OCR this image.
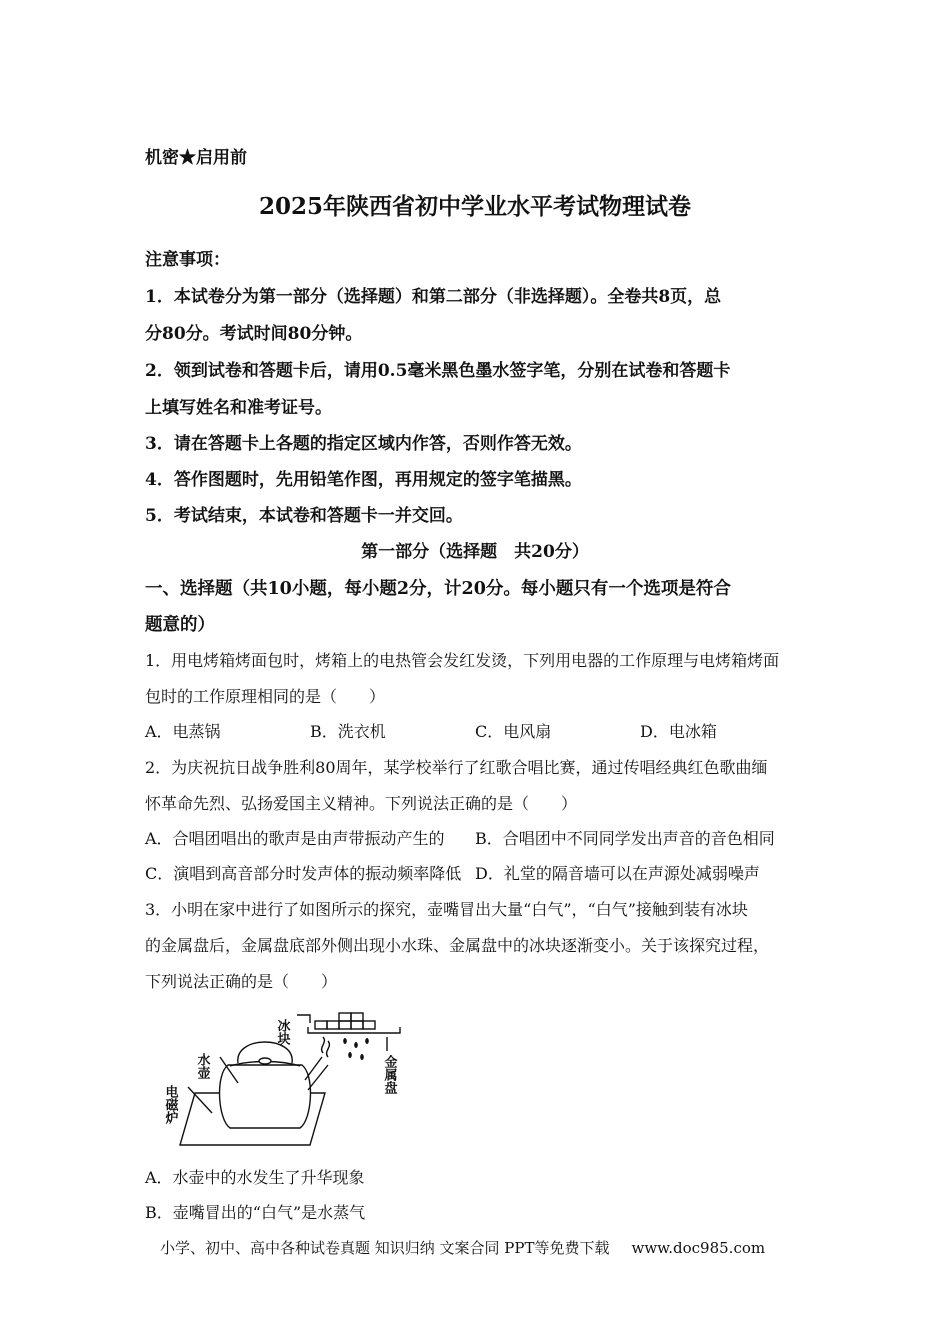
机密★启用前
2025年陕西省初中学业水平考试物理试卷
注意事项：
1．本试卷分为第一部分（选择题）和第二部分（非选择题）。全卷共8页，总
分80分。考试时间80分钟。
2．领到试卷和答题卡后，请用0.5毫米黑色墨水签字笔，分别在试卷和答题卡
上填写姓名和准考证号。
3．请在答题卡上各题的指定区域内作答，否则作答无效。
4．答作图题时，先用铅笔作图，再用规定的签字笔描黑。
5．考试结束，本试卷和答题卡一并交回。
第一部分（选择题　共20分）
一、选择题（共10小题，每小题2分，计20分。每小题只有一个选项是符合
题意的）
1．用电烤箱烤面包时，烤箱上的电热管会发红发烫，下列用电器的工作原理与电烤箱烤面
包时的工作原理相同的是（　　）
A．电蒸锅	B．洗衣机	C．电风扇	D．电冰箱
2．为庆祝抗日战争胜利80周年，某学校举行了红歌合唱比赛，通过传唱经典红色歌曲缅
怀革命先烈、弘扬爱国主义精神。下列说法正确的是（　　）
A．合唱团唱出的歌声是由声带振动产生的 B．合唱团中不同同学发出声音的音色相同
C．演唱到高音部分时发声体的振动频率降低 D．礼堂的隔音墙可以在声源处减弱噪声
3．小明在家中进行了如图所示的探究，壶嘴冒出大量“白气”，“白气”接触到装有冰块
的金属盘后，金属盘底部外侧出现小水珠、金属盘中的冰块逐渐变小。关于该探究过程，
下列说法正确的是（　　）
冰块
水壶
电磁炉
金属盘
A．水壶中的水发生了升华现象
B．壶嘴冒出的“白气”是水蒸气
小学、初中、高中各种试卷真题 知识归纳 文案合同 PPT等免费下载 www.doc985.com
